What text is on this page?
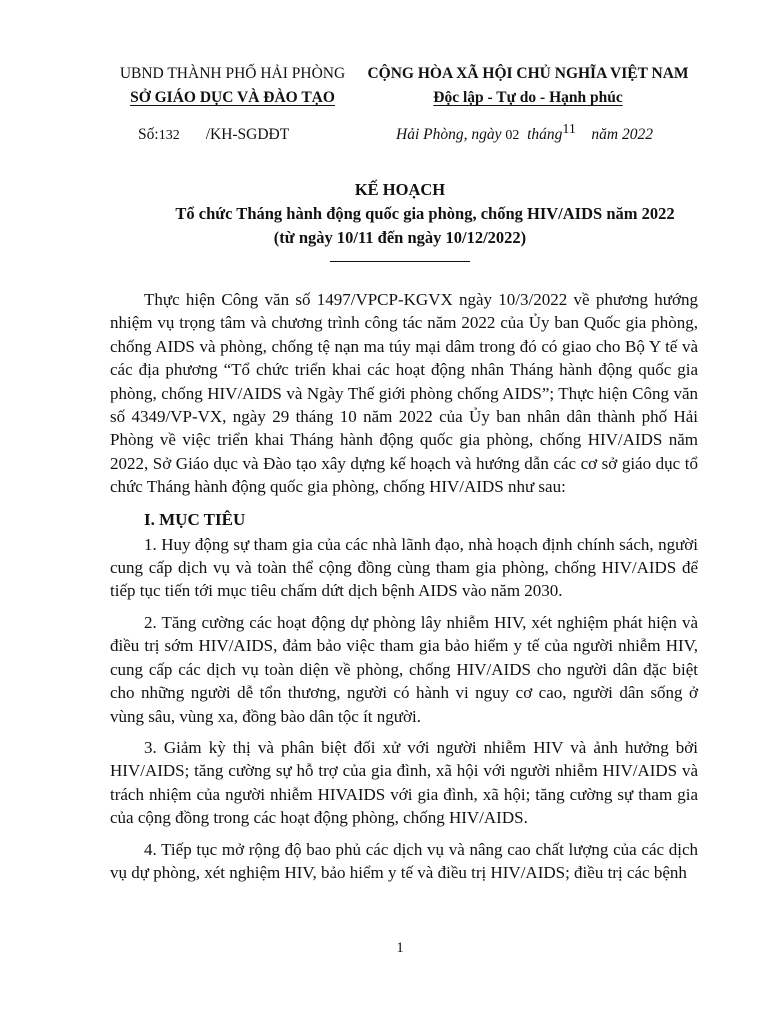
UBND THÀNH PHỐ HẢI PHÒNG
SỞ GIÁO DỤC VÀ ĐÀO TẠO
CỘNG HÒA XÃ HỘI CHỦ NGHĨA VIỆT NAM
Độc lập - Tự do - Hạnh phúc
Số:132 /KH-SGDĐT	Hải Phòng, ngày 02 tháng11 năm 2022
KẾ HOẠCH
Tổ chức Tháng hành động quốc gia phòng, chống HIV/AIDS năm 2022
(từ ngày 10/11 đến ngày 10/12/2022)

Thực hiện Công văn số 1497/VPCP-KGVX ngày 10/3/2022 về phương hướng nhiệm vụ trọng tâm và chương trình công tác năm 2022 của Ủy ban Quốc gia phòng, chống AIDS và phòng, chống tệ nạn ma túy mại dâm trong đó có giao cho Bộ Y tế và các địa phương “Tổ chức triển khai các hoạt động nhân Tháng hành động quốc gia phòng, chống HIV/AIDS và Ngày Thế giới phòng chống AIDS”; Thực hiện Công văn số 4349/VP-VX, ngày 29 tháng 10 năm 2022 của Ủy ban nhân dân thành phố Hải Phòng về việc triển khai Tháng hành động quốc gia phòng, chống HIV/AIDS năm 2022, Sở Giáo dục và Đào tạo xây dựng kế hoạch và hướng dẫn các cơ sở giáo dục tổ chức Tháng hành động quốc gia phòng, chống HIV/AIDS như sau:

I. MỤC TIÊU

1. Huy động sự tham gia của các nhà lãnh đạo, nhà hoạch định chính sách, người cung cấp dịch vụ và toàn thể cộng đồng cùng tham gia phòng, chống HIV/AIDS để tiếp tục tiến tới mục tiêu chấm dứt dịch bệnh AIDS vào năm 2030.

2. Tăng cường các hoạt động dự phòng lây nhiễm HIV, xét nghiệm phát hiện và điều trị sớm HIV/AIDS, đảm bảo việc tham gia bảo hiểm y tế của người nhiễm HIV, cung cấp các dịch vụ toàn diện về phòng, chống HIV/AIDS cho người dân đặc biệt cho những người dễ tổn thương, người có hành vi nguy cơ cao, người dân sống ở vùng sâu, vùng xa, đồng bào dân tộc ít người.

3. Giảm kỳ thị và phân biệt đối xử với người nhiễm HIV và ảnh hưởng bởi HIV/AIDS; tăng cường sự hỗ trợ của gia đình, xã hội với người nhiễm HIV/AIDS và trách nhiệm của người nhiễm HIVAIDS với gia đình, xã hội; tăng cường sự tham gia của cộng đồng trong các hoạt động phòng, chống HIV/AIDS.

4. Tiếp tục mở rộng độ bao phủ các dịch vụ và nâng cao chất lượng của các dịch vụ dự phòng, xét nghiệm HIV, bảo hiểm y tế và điều trị HIV/AIDS; điều trị các bệnh

1
